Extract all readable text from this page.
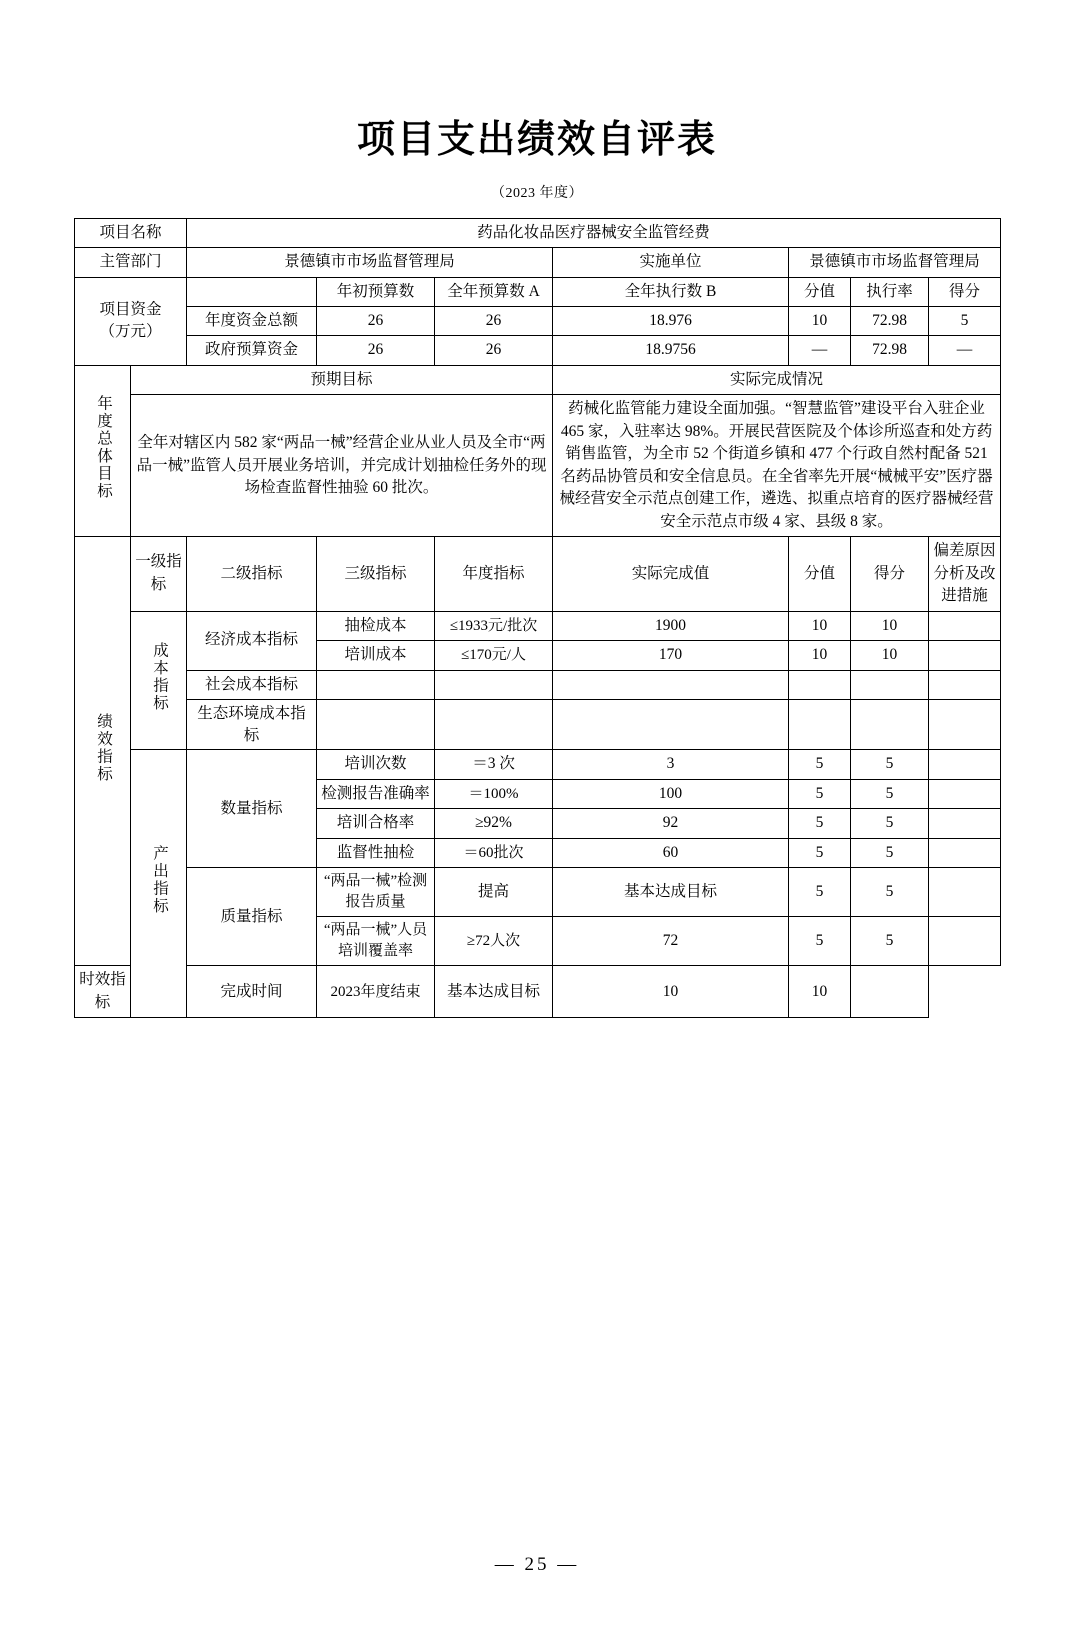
项目支出绩效自评表
（2023 年度）
项目名称		药品化妆品医疗器械安全监管经费						
主管部门		景德镇市市场监督管理局			实施单位	景德镇市市场监督管理局		

项目资金
（万元）			年初预算数	全年预算数 A	全年执行数 B	分值	执行率	得分
		年度资金总额	26	26	18.976	10	72.98	5
		政府预算资金	26	26	18.9756	—	72.98	—
年度总体目标	预期目标				实际完成情况			
	全年对辖区内 582 家“两品一械”经营企业从业人员及全市“两品一械”监管人员开展业务培训，并完成计划抽检任务外的现场检查监督性抽验 60 批次。				药械化监管能力建设全面加强。“智慧监管”建设平台入驻企业 465 家，入驻率达 98%。开展民营医院及个体诊所巡查和处方药销售监管，为全市 52 个街道乡镇和 477 个行政自然村配备 521 名药品协管员和安全信息员。在全省率先开展“械械平安”医疗器械经营安全示范点创建工作，遴选、拟重点培育的医疗器械经营安全示范点市级 4 家、县级 8 家。			
绩效指标	一级指标	二级指标	三级指标	年度指标	实际完成值	分值	得分	偏差原因分析及改进措施
	成本指标	经济成本指标	抽检成本	≤1933元/批次	1900	10	10	
			培训成本	≤170元/人	170	10	10	
		社会成本指标						
		生态环境成本指标						
	产出指标	数量指标	培训次数	＝3 次	3	5	5	
			检测报告准确率	＝100%	100	5	5	
			培训合格率	≥92%	92	5	5	
			监督性抽检	＝60批次	60	5	5	
		质量指标	“两品一械”检测报告质量	提高	基本达成目标	5	5	
			“两品一械”人员培训覆盖率	≥72人次	72	5	5	
时效指标		完成时间	2023年度结束	基本达成目标	10	10		
— 25 —
